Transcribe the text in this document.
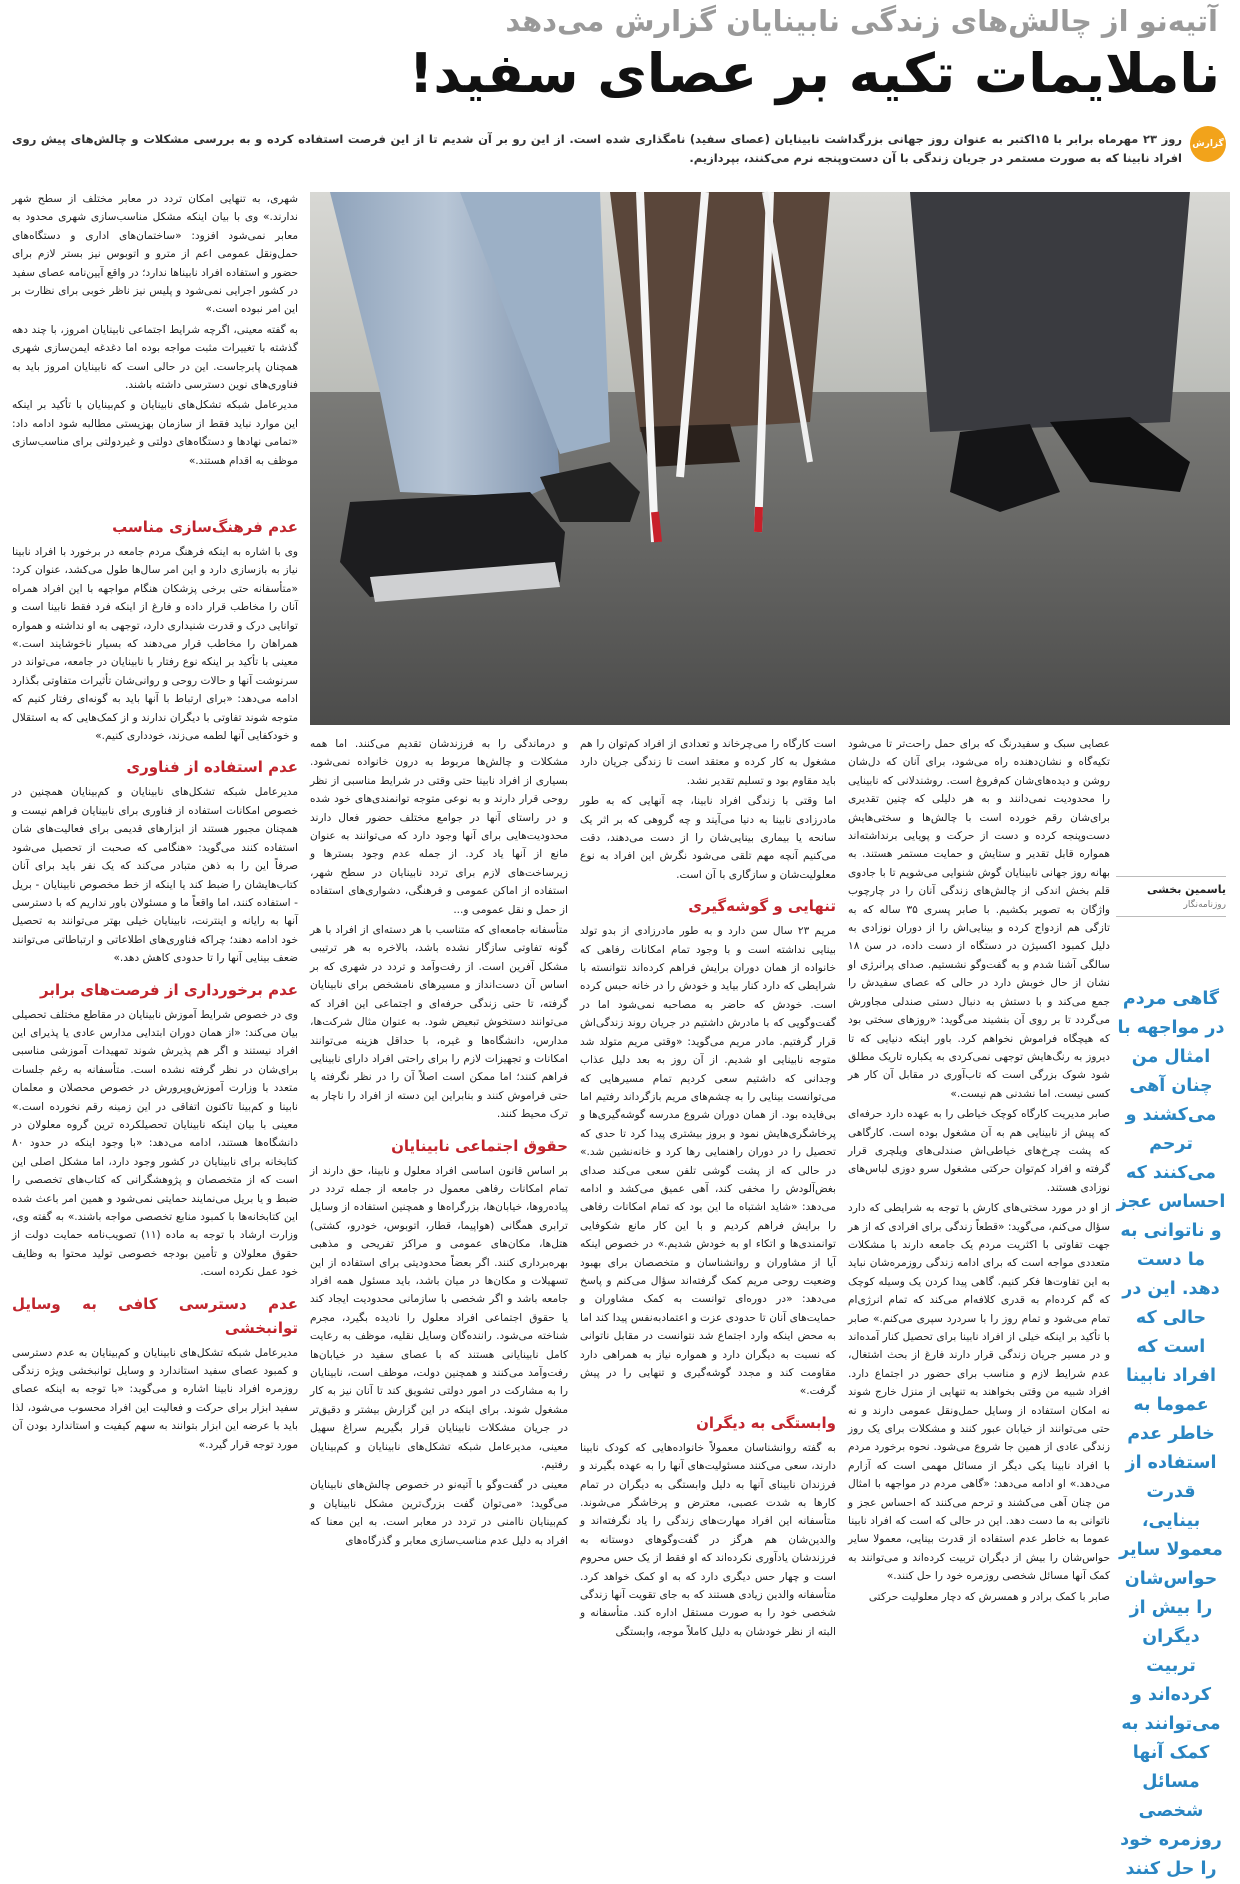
آتیه‌نو از چالش‌های زندگی نابینایان گزارش می‌دهد
ناملایمات تکیه بر عصای سفید!
گزارش
روز ۲۳ مهرماه برابر با ۱۵اکتبر به عنوان روز جهانی بزرگداشت نابینایان (عصای سفید) نامگذاری شده است. از این رو بر آن شدیم تا از این فرصت استفاده کرده و به بررسی مشکلات و چالش‌های پیش روی افراد نابینا که به صورت مستمر در جریان زندگی با آن دست‌وپنجه نرم می‌کنند، بپردازیم.
یاسمین بخشی
روزنامه‌نگار
گاهی مردم در مواجهه با امثال من چنان آهی می‌کشند و ترحم می‌کنند که احساس عجز و ناتوانی به ما دست دهد. این در حالی که است که افراد نابینا عموما به خاطر عدم استفاده از قدرت بینایی، معمولا سایر حواس‌شان را بیش از دیگران تربیت کرده‌اند و می‌توانند به کمک آنها مسائل شخصی روزمره خود را حل کنند

شهری، به تنهایی امکان تردد در معابر مختلف از سطح شهر ندارند.» وی با بیان اینکه مشکل مناسب‌سازی شهری محدود به معابر نمی‌شود افزود: «ساختمان‌های اداری و دستگاه‌های حمل‌ونقل عمومی اعم از مترو و اتوبوس نیز بستر لازم برای حضور و استفاده افراد نابینا‌ها ندارد؛ در واقع آیین‌نامه عصای سفید در کشور اجرایی نمی‌شود و پلیس نیز ناظر خوبی برای نظارت بر این امر نبوده است.»

به گفته معینی، اگرچه شرایط اجتماعی نابینایان امروز، با چند دهه گذشته با تغییرات مثبت مواجه بوده اما دغدغه ایمن‌سازی شهری همچنان پابرجاست. این در حالی است که نابینایان امروز باید به فناوری‌های نوین دسترسی داشته باشند.

مدیرعامل شبکه تشکل‌های نابینایان و کم‌بینایان با تأکید بر اینکه این موارد نباید فقط از سازمان بهزیستی مطالبه شود ادامه داد: «تمامی نهادها و دستگاه‌های دولتی و غیردولتی برای مناسب‌سازی موظف به اقدام هستند.»

عدم فرهنگ‌سازی مناسب

وی با اشاره به اینکه فرهنگ مردم جامعه در برخورد با افراد نابینا نیاز به بازسازی دارد و این امر سال‌ها طول می‌کشد، عنوان کرد: «متأسفانه حتی برخی پزشکان هنگام مواجهه با این افراد همراه آنان را مخاطب قرار داده و فارغ از اینکه فرد فقط نابینا است و توانایی درک و قدرت شنیداری دارد، توجهی به او نداشته و همواره همراهان را مخاطب قرار می‌دهند که بسیار ناخوشایند است.» معینی با تأکید بر اینکه نوع رفتار با نابینایان در جامعه، می‌تواند در سرنوشت آنها و حالات روحی و روانی‌شان تأثیرات متفاوتی بگذارد ادامه می‌دهد: «برای ارتباط با آنها باید به گونه‌ای رفتار کنیم که متوجه شوند تفاوتی با دیگران ندارند و از کمک‌هایی که به استقلال و خودکفایی آنها لطمه می‌زند، خودداری کنیم.»

عدم استفاده از فناوری

مدیرعامل شبکه تشکل‌های نابینایان و کم‌بینایان همچنین در خصوص امکانات استفاده از فناوری برای نابینایان فراهم نیست و همچنان مجبور هستند از ابزارهای قدیمی برای فعالیت‌های شان استفاده کنند می‌گوید: «هنگامی که صحبت از تحصیل می‌شود صرفاً این را به ذهن متبادر می‌کند که یک نفر باید برای آنان کتاب‌هایشان را ضبط کند یا اینکه از خط مخصوص نابینایان - بریل - استفاده کنند، اما واقعاً ما و مسئولان باور نداریم که با دسترسی آنها به رایانه و اینترنت، نابینایان خیلی بهتر می‌توانند به تحصیل خود ادامه دهند؛ چراکه فناوری‌های اطلاعاتی و ارتباطاتی می‌توانند ضعف بینایی آنها را تا حدودی کاهش دهد.»

عدم برخورداری از فرصت‌های برابر

وی در خصوص شرایط آموزش نابینایان در مقاطع مختلف تحصیلی بیان می‌کند: «از همان دوران ابتدایی مدارس عادی یا پذیرای این افراد نیستند و اگر هم پذیرش شوند تمهیدات آموزشی مناسبی برای‌شان در نظر گرفته نشده است. متأسفانه به رغم جلسات متعدد با وزارت آموزش‌وپرورش در خصوص محصلان و معلمان نابینا و کم‌بینا تاکنون اتفاقی در این زمینه رقم نخورده است.» معینی با بیان اینکه نابینایان تحصیلکرده ترین گروه معلولان در دانشگاه‌ها هستند، ادامه می‌دهد: «با وجود اینکه در حدود ۸۰ کتابخانه برای نابینایان در کشور وجود دارد، اما مشکل اصلی این است که از متخصصان و پژوهشگرانی که کتاب‌های تخصصی را ضبط و یا بریل می‌نمایند حمایتی نمی‌شود و همین امر باعث شده این کتابخانه‌ها با کمبود منابع تخصصی مواجه باشند.» به گفته وی، وزارت ارشاد با توجه به ماده (۱۱) تصویب‌نامه حمایت دولت از حقوق معلولان و تأمین بودجه خصوصی تولید محتوا به وظایف خود عمل نکرده است.

عدم دسترسی کافی به وسایل توانبخشی

مدیرعامل شبکه تشکل‌های نابینایان و کم‌بینایان به عدم دسترسی و کمبود عصای سفید استاندارد و وسایل توانبخشی ویژه زندگی روزمره افراد نابینا اشاره و می‌گوید: «با توجه به اینکه عصای سفید ابزار برای حرکت و فعالیت این افراد محسوب می‌شود، لذا باید با عرضه این ابزار بتوانند به سهم کیفیت و استاندارد بودن آن مورد توجه قرار گیرد.»

و درماندگی را به فرزندشان تقدیم می‌کنند. اما همه مشکلات و چالش‌ها مربوط به درون خانواده نمی‌شود. بسیاری از افراد نابینا حتی وقتی در شرایط مناسبی از نظر روحی قرار دارند و به نوعی متوجه توانمندی‌های خود شده و در راستای آنها در جوامع مختلف حضور فعال دارند محدودیت‌هایی برای آنها وجود دارد که می‌توانند به عنوان مانع از آنها یاد کرد. از جمله عدم وجود بسترها و زیرساخت‌های لازم برای تردد نابینایان در سطح شهر، استفاده از اماکن عمومی و فرهنگی، دشواری‌های استفاده از حمل و نقل عمومی و...

متأسفانه جامعه‌ای که متناسب با هر دسته‌ای از افراد با هر گونه تفاوتی سازگار نشده باشد، بالاخره به هر ترتیبی مشکل آفرین است. از رفت‌وآمد و تردد در شهری که بر اساس آن دست‌انداز و مسیرهای نامشخص برای نابینایان گرفته، تا حتی زندگی حرفه‌ای و اجتماعی این افراد که می‌توانند دستخوش تبعیض شود. به عنوان مثال شرکت‌ها، مدارس، دانشگاه‌ها و غیره، با حداقل هزینه می‌توانند امکانات و تجهیزات لازم را برای راحتی افراد دارای نابینایی فراهم کنند؛ اما ممکن است اصلاً آن را در نظر نگرفته یا حتی فراموش کنند و بنابراین این دسته از افراد را ناچار به ترک محیط کنند.

حقوق اجتماعی نابینایان

بر اساس قانون اساسی افراد معلول و نابینا، حق دارند از تمام امکانات رفاهی معمول در جامعه از جمله تردد در پیاده‌روها، خیابان‌ها، بزرگراه‌ها و همچنین استفاده از وسایل ترابری همگانی (هواپیما، قطار، اتوبوس، خودرو، کشتی) هتل‌ها، مکان‌های عمومی و مراکز تفریحی و مذهبی بهره‌برداری کنند. اگر بعضاً محدودیتی برای استفاده از این تسهیلات و مکان‌ها در میان باشد، باید مسئول همه افراد جامعه باشد و اگر شخصی با سازمانی محدودیت ایجاد کند یا حقوق اجتماعی افراد معلول را نادیده بگیرد، مجرم شناخته می‌شود. راننده‌گان وسایل نقلیه، موظف به رعایت کامل نابینایانی هستند که با عصای سفید در خیابان‌ها رفت‌وآمد می‌کنند و همچنین دولت، موظف است، نابینایان را به مشارکت در امور دولتی تشویق کند تا آنان نیز به کار مشغول شوند. برای اینکه در این گزارش بیشتر و دقیق‌تر در جریان مشکلات نابینایان قرار بگیریم سراغ سهیل معینی، مدیرعامل شبکه تشکل‌های نابینایان و کم‌بینایان رفتیم.

معینی در گفت‌وگو با آتیه‌نو در خصوص چالش‌های نابینایان می‌گوید: «می‌توان گفت بزرگ‌ترین مشکل نابینایان و کم‌بینایان ناامنی در تردد در معابر است. به این معنا که افراد به دلیل عدم مناسب‌سازی معابر و گذرگاه‌های

است کارگاه را می‌چرخاند و تعدادی از افراد کم‌توان را هم مشغول به کار کرده و معتقد است تا زندگی جریان دارد باید مقاوم بود و تسلیم تقدیر نشد.

اما وقتی با زندگی افراد نابینا، چه آنهایی که به طور مادرزادی نابینا به دنیا می‌آیند و چه گروهی که بر اثر یک سانحه یا بیماری بینایی‌شان را از دست می‌دهند، دقت می‌کنیم آنچه مهم تلقی می‌شود نگرش این افراد به نوع معلولیت‌شان و سازگاری با آن است.

تنهایی و گوشه‌گیری

مریم ۲۳ سال سن دارد و به طور مادرزادی از بدو تولد بینایی نداشته است و با وجود تمام امکانات رفاهی که خانواده از همان دوران برایش فراهم کرده‌اند نتوانسته با شرایطی که دارد کنار بیاید و خودش را در خانه حبس کرده است. خودش که حاضر به مصاحبه نمی‌شود اما در گفت‌وگویی که با مادرش داشتیم در جریان روند زندگی‌اش قرار گرفتیم. مادر مریم می‌گوید: «وقتی مریم متولد شد متوجه نابینایی او شدیم. از آن روز به بعد دلیل عذاب وجدانی که داشتیم سعی کردیم تمام مسیرهایی که می‌توانست بینایی را به چشم‌های مریم بازگرداند رفتیم اما بی‌فایده بود. از همان دوران شروع مدرسه گوشه‌گیری‌ها و پرخاشگری‌هایش نمود و بروز بیشتری پیدا کرد تا حدی که تحصیل را در دوران راهنمایی رها کرد و خانه‌نشین شد.» در حالی که از پشت گوشی تلفن سعی می‌کند صدای بغض‌آلودش را مخفی کند، آهی عمیق می‌کشد و ادامه می‌دهد: «شاید اشتباه ما این بود که تمام امکانات رفاهی را برایش فراهم کردیم و با این کار مانع شکوفایی توانمندی‌ها و اتکاء او به خودش شدیم.» در خصوص اینکه آیا از مشاوران و روانشناسان و متخصصان برای بهبود وضعیت روحی مریم کمک گرفته‌اند سؤال می‌کنم و پاسخ می‌دهد: «در دوره‌ای توانست به کمک مشاوران و حمایت‌های آنان تا حدودی عزت و اعتمادبه‌نفس پیدا کند اما به محض اینکه وارد اجتماع شد نتوانست در مقابل ناتوانی که نسبت به دیگران دارد و همواره نیاز به همراهی دارد مقاومت کند و مجدد گوشه‌گیری و تنهایی را در پیش گرفت.»

وابستگی به دیگران

به گفته روانشناسان معمولاً خانواده‌هایی که کودک نابینا دارند، سعی می‌کنند مسئولیت‌های آنها را به عهده بگیرند و فرزندان نابینای آنها به دلیل وابستگی به دیگران در تمام کارها به شدت عصبی، معترض و پرخاشگر می‌شوند. متأسفانه این افراد مهارت‌های زندگی را یاد نگرفته‌اند و والدین‌شان هم هرگز در گفت‌وگوهای دوستانه به فرزندشان یادآوری نکرده‌اند که او فقط از یک حس محروم است و چهار حس دیگری دارد که به او کمک خواهد کرد. متأسفانه والدین زیادی هستند که به جای تقویت آنها زندگی شخصی خود را به صورت مستقل اداره کند. متأسفانه و البته از نظر خودشان به دلیل کاملاً موجه، وابستگی

عصایی سبک و سفیدرنگ که برای حمل راحت‌تر تا می‌شود تکیه‌گاه و نشان‌دهنده راه می‌شود، برای آنان که دل‌شان روشن و دیده‌های‌شان کم‌فروغ است. روشندلانی که نابینایی را محدودیت نمی‌دانند و به هر دلیلی که چنین تقدیری برای‌شان رقم خورده است با چالش‌ها و سختی‌هایش دست‌وپنجه کرده و دست از حرکت و پویایی برنداشته‌اند همواره قابل تقدیر و ستایش و حمایت مستمر هستند. به بهانه روز جهانی نابینایان گوش شنوایی می‌شویم تا با جادوی قلم بخش اندکی از چالش‌های زندگی آنان را در چارچوب واژگان به تصویر بکشیم. با صابر پسری ۳۵ ساله که به تازگی هم ازدواج کرده و بینایی‌اش را از دوران نوزادی به دلیل کمبود اکسیژن در دستگاه از دست داده، در سن ۱۸ سالگی آشنا شدم و به گفت‌وگو نشستیم. صدای پرانرژی او نشان از حال خوبش دارد در حالی که عصای سفیدش را جمع می‌کند و با دستش به دنبال دستی صندلی مجاورش می‌گردد تا بر روی آن بنشیند می‌گوید: «روزهای سختی بود که هیچگاه فراموش نخواهم کرد. باور اینکه دنیایی که تا دیروز به رنگ‌هایش توجهی نمی‌کردی به یکباره تاریک مطلق شود شوک بزرگی است که تاب‌آوری در مقابل آن کار هر کسی نیست. اما نشدنی هم نیست.»

صابر مدیریت کارگاه کوچک خیاطی را به عهده دارد حرفه‌ای که پیش از نابینایی هم به آن مشغول بوده است. کارگاهی که پشت چرخ‌های خیاطی‌اش صندلی‌های ویلچری قرار گرفته و افراد کم‌توان حرکتی مشغول سرو دوزی لباس‌های نوزادی هستند.

از او در مورد سختی‌های کارش با توجه به شرایطی که دارد سؤال می‌کنم، می‌گوید: «قطعاً زندگی برای افرادی که از هر جهت تفاوتی با اکثریت مردم یک جامعه دارند با مشکلات متعددی مواجه است که برای ادامه زندگی روزمره‌شان نباید به این تفاوت‌ها فکر کنیم. گاهی پیدا کردن یک وسیله کوچک که گم کرده‌ام به قدری کلافه‌ام می‌کند که تمام انرژی‌ام تمام می‌شود و تمام روز را با سردرد سپری می‌کنم.» صابر با تأکید بر اینکه خیلی از افراد نابینا برای تحصیل کنار آمده‌اند و در مسیر جریان زندگی قرار دارند فارغ از بحث اشتغال، عدم شرایط لازم و مناسب برای حضور در اجتماع دارد. افراد شبیه من وقتی بخواهند به تنهایی از منزل خارج شوند نه امکان استفاده از وسایل حمل‌ونقل عمومی دارند و نه حتی می‌توانند از خیابان عبور کنند و مشکلات برای یک روز زندگی عادی از همین جا شروع می‌شود. نحوه برخورد مردم با افراد نابینا یکی دیگر از مسائل مهمی است که آزارم می‌دهد.» او ادامه می‌دهد: «گاهی مردم در مواجهه با امثال من چنان آهی می‌کشند و ترحم می‌کنند که احساس عجز و ناتوانی به ما دست دهد. این در حالی که است که افراد نابینا عموما به خاطر عدم استفاده از قدرت بینایی، معمولا سایر حواس‌شان را بیش از دیگران تربیت کرده‌اند و می‌توانند به کمک آنها مسائل شخصی روزمره خود را حل کنند.»

صابر با کمک برادر و همسرش که دچار معلولیت حرکتی
